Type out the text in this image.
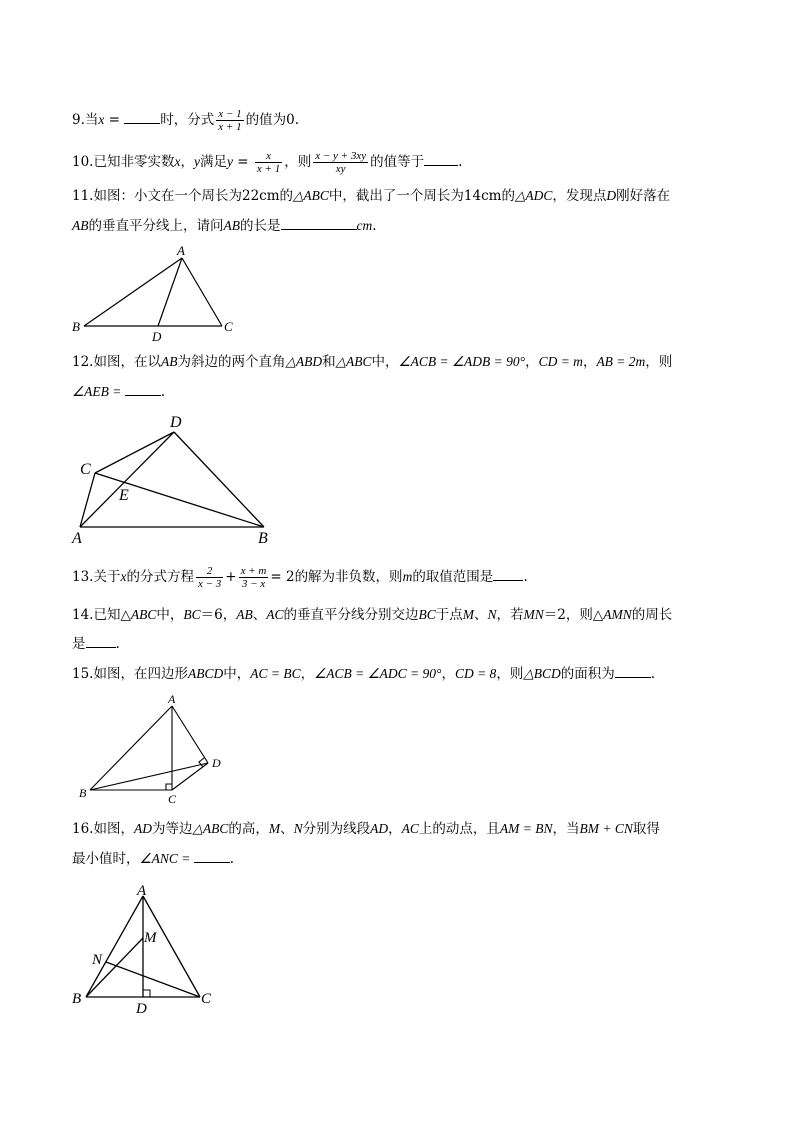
9.当x =	时，分式 $\frac{x - 1}{x + 1}$ 的值为0.
10.已知非零实数x，y满足$y = \frac{x}{x + 1}$ ，则 $\frac{x - y + 3xy}{xy}$ 的值等于	.
11.如图：小文在一个周长为22cm的△ABC中，截出了一个周长为14cm的△ADC，发现点D刚好落在
AB的垂直平分线上，请问AB的长是	cm.
A
B	C
D
12.如图，在以AB为斜边的两个直角△ABD和△ABC中，∠ACB = ∠ADB = 90°，CD = m，AB = 2m，则
∠AEB =	.
D
C
E
A	B
13.关于x的分式方程 $\frac{2}{x - 3} + \frac{x + m}{3 - x} = 2$的解为非负数，则m的取值范围是 .
14.已知△ABC中，BC＝6，AB、AC的垂直平分线分别交边BC于点M、N，若MN＝2，则△AMN的周长
是 .
15.如图，在四边形ABCD中，AC = BC，∠ACB = ∠ADC = 90°，CD = 8，则△BCD的面积为	.
A
B	C
D
16.如图，AD为等边△ABC的高，M、N分别为线段AD，AC上的动点，且AM = BN，当BM + CN取得
最小值时，∠ANC =	.
A
M
N
B	C
D
